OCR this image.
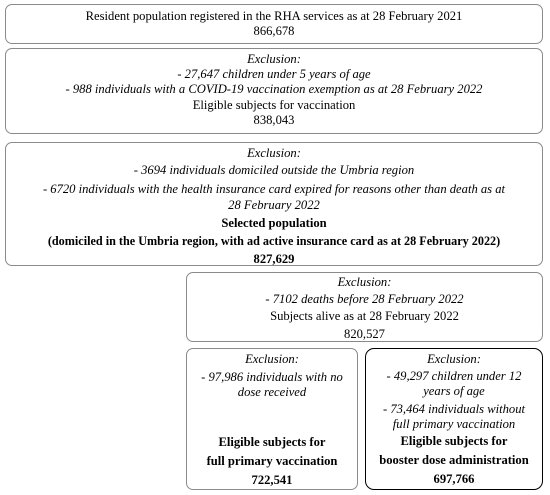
Resident population registered in the RHA services as at 28 February 2021
866,678
Exclusion:
- 27,647 children under 5 years of age
- 988 individuals with a COVID-19 vaccination exemption as at 28 February 2022
Eligible subjects for vaccination
838,043
Exclusion:
- 3694 individuals domiciled outside the Umbria region
- 6720 individuals with the health insurance card expired for reasons other than death as at 28 February 2022
Selected population
(domiciled in the Umbria region, with ad active insurance card as at 28 February 2022)
827,629
Exclusion:
- 7102 deaths before 28 February 2022
Subjects alive as at 28 February 2022
820,527
Exclusion:
- 97,986 individuals with no dose received
Eligible subjects for
full primary vaccination
722,541
Exclusion:
- 49,297 children under 12 years of age
- 73,464 individuals without full primary vaccination
Eligible subjects for
booster dose administration
697,766
